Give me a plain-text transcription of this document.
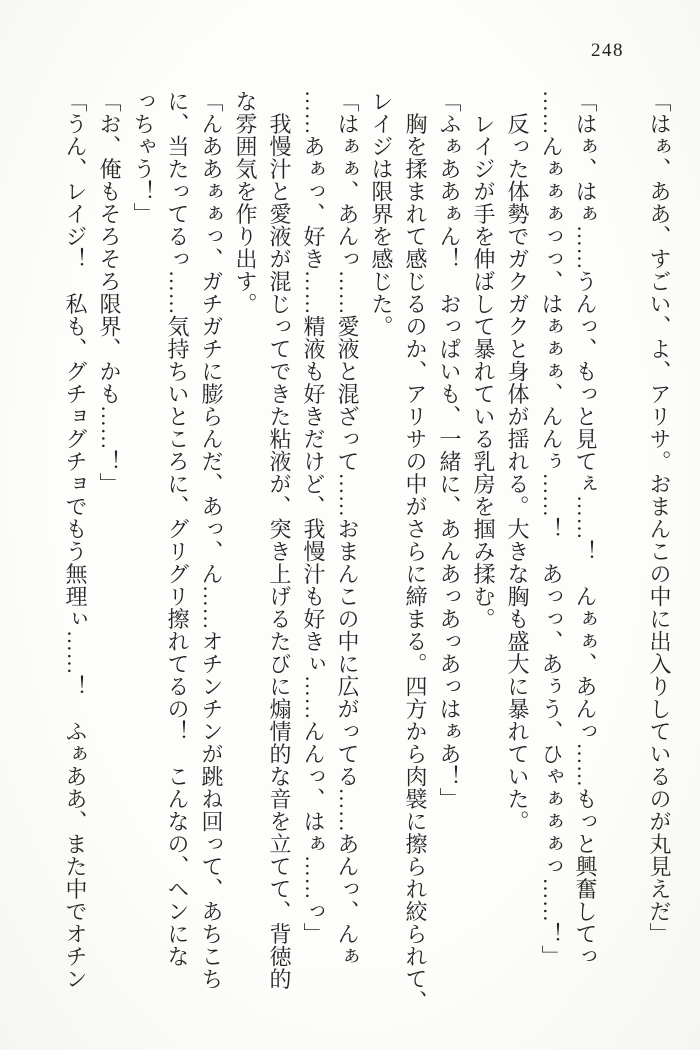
248

「はぁ、ああ、すごい、よ、アリサ。おまんこの中に出入りしているのが丸見えだ」

「はぁ、はぁ……うんっ、もっと見てぇ……！　んぁぁ、あんっ……もっと興奮してっ

……んぁぁぁっっ、はぁぁぁ、んんぅ……！　あっっ、あぅう、ひゃぁぁぁっ……！」

　反った体勢でガクガクと身体が揺れる。大きな胸も盛大に暴れていた。

　レイジが手を伸ばして暴れている乳房を掴み揉む。

「ふぁああぁん！　おっぱいも、一緒に、あんあっあっあっはぁあ！」

　胸を揉まれて感じるのか、アリサの中がさらに締まる。四方から肉襞に擦られ絞られて、

レイジは限界を感じた。

「はぁぁ、あんっ……愛液と混ざって……おまんこの中に広がってる……あんっ、んぁ

……あぁっ、好き……精液も好きだけど、我慢汁も好きぃ……んんっ、はぁ……っ」

　我慢汁と愛液が混じってできた粘液が、突き上げるたびに煽情的な音を立てて、背徳的

な雰囲気を作り出す。

「んああぁぁっ、ガチガチに膨らんだ、あっ、ん……オチンチンが跳ね回って、あちこち

に、当たってるっ……気持ちいところに、グリグリ擦れてるの！　こんなの、ヘンにな

っちゃう！」

「お、俺もそろそろ限界、かも……！」

「うん、レイジ！　私も、グチョグチョでもう無理ぃ……！　ふぁああ、また中でオチン
